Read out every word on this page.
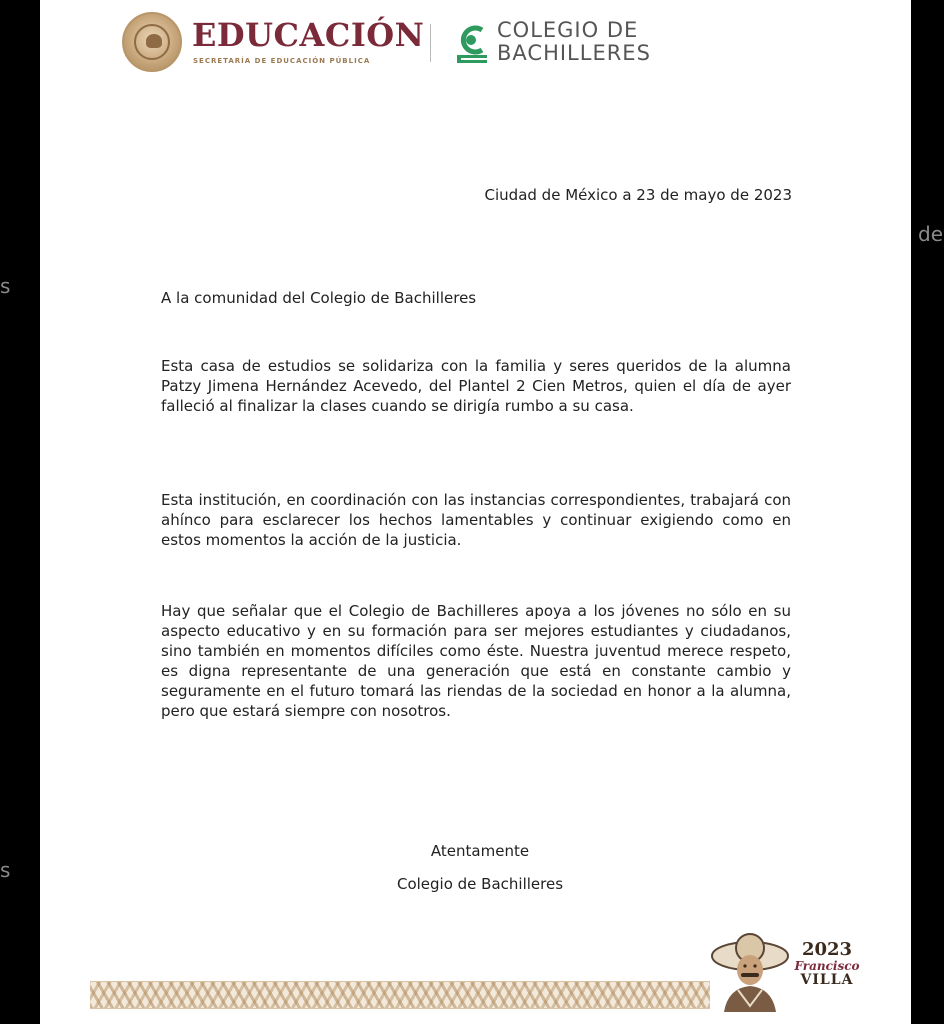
s
s
de
EDUCACIÓN
SECRETARÍA DE EDUCACIÓN PÚBLICA
COLEGIO DE
BACHILLERES
Ciudad de México a 23 de mayo de 2023
A la comunidad del Colegio de Bachilleres

Esta casa de estudios se solidariza con la familia y seres queridos de la alumna Patzy Jimena Hernández Acevedo, del Plantel 2 Cien Metros, quien el día de ayer falleció al finalizar la clases cuando se dirigía rumbo a su casa.

Esta institución, en coordinación con las instancias correspondientes, trabajará con ahínco para esclarecer los hechos lamentables y continuar exigiendo como en estos momentos la acción de la justicia.

Hay que señalar que el Colegio de Bachilleres apoya a los jóvenes no sólo en su aspecto educativo y en su formación para ser mejores estudiantes y ciudadanos, sino también en momentos difíciles como éste. Nuestra juventud merece respeto, es digna representante de una generación que está en constante cambio y seguramente en el futuro tomará las riendas de la sociedad en honor a la alumna, pero que estará siempre con nosotros.

Atentamente
Colegio de Bachilleres
2023
Francisco
VILLA
